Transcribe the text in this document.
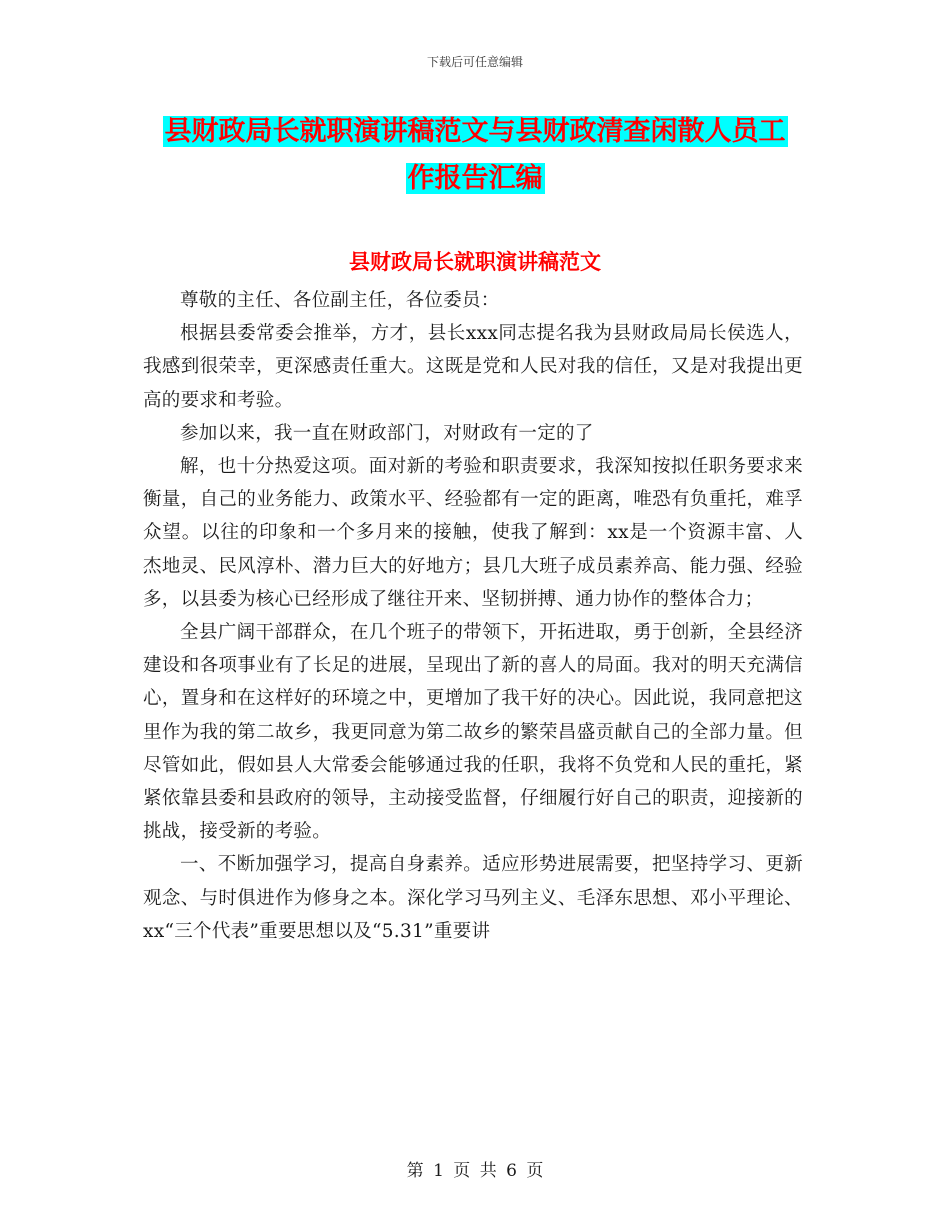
下载后可任意编辑
县财政局长就职演讲稿范文与县财政清查闲散人员工
作报告汇编
县财政局长就职演讲稿范文

尊敬的主任、各位副主任，各位委员：

根据县委常委会推举，方才，县长xxx同志提名我为县财政局局长侯选人，我感到很荣幸，更深感责任重大。这既是党和人民对我的信任，又是对我提出更高的要求和考验。

参加以来，我一直在财政部门，对财政有一定的了

解，也十分热爱这项。面对新的考验和职责要求，我深知按拟任职务要求来衡量，自己的业务能力、政策水平、经验都有一定的距离，唯恐有负重托，难孚众望。以往的印象和一个多月来的接触，使我了解到：xx是一个资源丰富、人杰地灵、民风淳朴、潜力巨大的好地方；县几大班子成员素养高、能力强、经验多，以县委为核心已经形成了继往开来、坚韧拼搏、通力协作的整体合力；

全县广阔干部群众，在几个班子的带领下，开拓进取，勇于创新，全县经济建设和各项事业有了长足的进展，呈现出了新的喜人的局面。我对的明天充满信心，置身和在这样好的环境之中，更增加了我干好的决心。因此说，我同意把这里作为我的第二故乡，我更同意为第二故乡的繁荣昌盛贡献自己的全部力量。但尽管如此，假如县人大常委会能够通过我的任职，我将不负党和人民的重托，紧紧依靠县委和县政府的领导，主动接受监督，仔细履行好自己的职责，迎接新的挑战，接受新的考验。

一、不断加强学习，提高自身素养。适应形势进展需要，把坚持学习、更新观念、与时俱进作为修身之本。深化学习马列主义、毛泽东思想、邓小平理论、xx“三个代表”重要思想以及“5.31”重要讲

第 1 页 共 6 页
